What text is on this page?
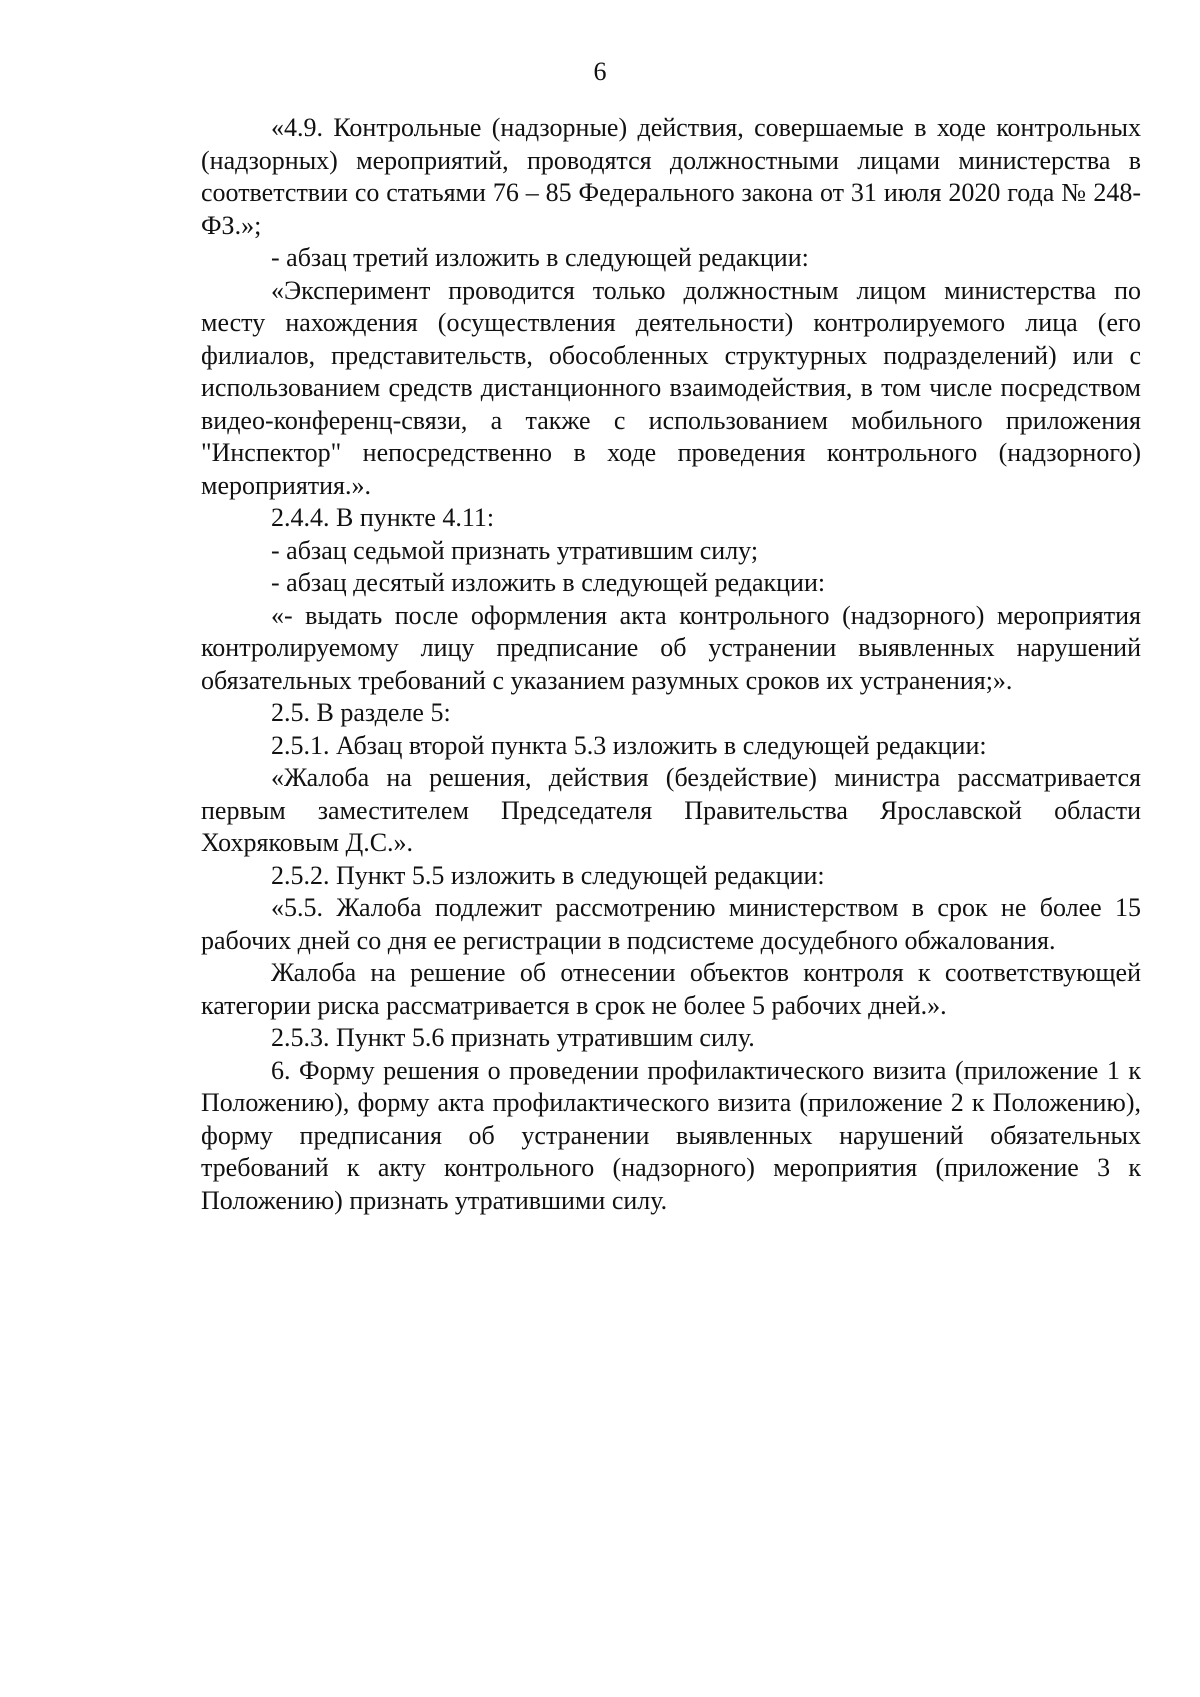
6

«4.9. Контрольные (надзорные) действия, совершаемые в ходе контрольных (надзорных) мероприятий, проводятся должностными лицами министерства в соответствии со статьями 76 – 85 Федерального закона от 31 июля 2020 года № 248-ФЗ.»;

- абзац третий изложить в следующей редакции:

«Эксперимент проводится только должностным лицом министерства по месту нахождения (осуществления деятельности) контролируемого лица (его филиалов, представительств, обособленных структурных подразделений) или с использованием средств дистанционного взаимодействия, в том числе посредством видео-конференц-связи, а также с использованием мобильного приложения "Инспектор" непосредственно в ходе проведения контрольного (надзорного) мероприятия.».

2.4.4. В пункте 4.11:

- абзац седьмой признать утратившим силу;

- абзац десятый изложить в следующей редакции:

«- выдать после оформления акта контрольного (надзорного) мероприятия контролируемому лицу предписание об устранении выявленных нарушений обязательных требований с указанием разумных сроков их устранения;».

2.5. В разделе 5:

2.5.1. Абзац второй пункта 5.3 изложить в следующей редакции:

«Жалоба на решения, действия (бездействие) министра рассматривается первым заместителем Председателя Правительства Ярославской области Хохряковым Д.С.».

2.5.2. Пункт 5.5 изложить в следующей редакции:

«5.5. Жалоба подлежит рассмотрению министерством в срок не более 15 рабочих дней со дня ее регистрации в подсистеме досудебного обжалования.

Жалоба на решение об отнесении объектов контроля к соответствующей категории риска рассматривается в срок не более 5 рабочих дней.».

2.5.3. Пункт 5.6 признать утратившим силу.

6. Форму решения о проведении профилактического визита (приложение 1 к Положению), форму акта профилактического визита (приложение 2 к Положению), форму предписания об устранении выявленных нарушений обязательных требований к акту контрольного (надзорного) мероприятия (приложение 3 к Положению) признать утратившими силу.
